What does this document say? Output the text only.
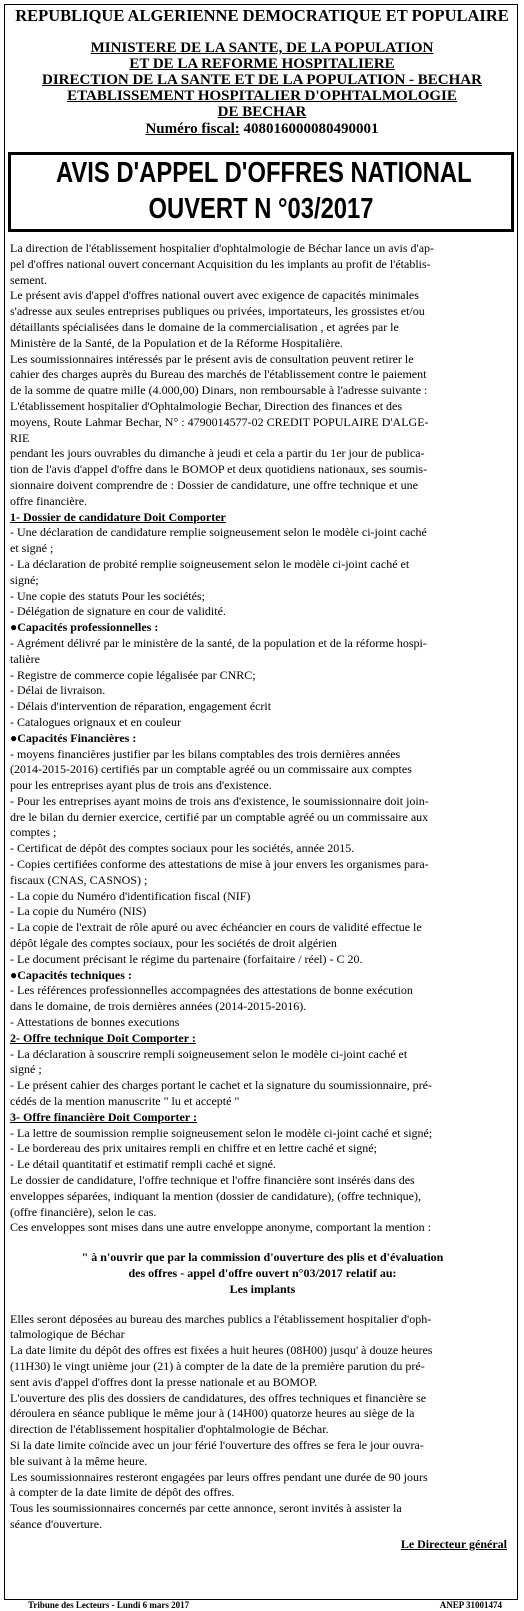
REPUBLIQUE ALGERIENNE DEMOCRATIQUE ET POPULAIRE
MINISTERE DE LA SANTE, DE LA POPULATION
ET DE LA REFORME HOSPITALIERE
DIRECTION DE LA SANTE ET DE LA POPULATION - BECHAR
ETABLISSEMENT HOSPITALIER D'OPHTALMOLOGIE
DE BECHAR
Numéro fiscal: 408016000080490001
AVIS D'APPEL D'OFFRES NATIONAL
OUVERT N °03/2017
La direction de l'établissement hospitalier d'ophtalmologie de Béchar lance un avis d'ap-
pel d'offres national ouvert concernant Acquisition du les implants au profit de l'établis-
sement.
Le présent avis d'appel d'offres national ouvert avec exigence de capacités minimales
s'adresse aux seules entreprises publiques ou privées, importateurs, les grossistes et/ou
détaillants spécialisées dans le domaine de la commercialisation , et agrées par le
Ministère de la Santé, de la Population et de la Réforme Hospitalière.
Les soumissionnaires intéressés par le présent avis de consultation peuvent retirer le
cahier des charges auprès du Bureau des marchés de l'établissement contre le paiement
de la somme de quatre mille (4.000,00) Dinars, non remboursable à l'adresse suivante :
L'établissement hospitalier d'Ophtalmologie Bechar, Direction des finances et des
moyens, Route Lahmar Bechar, N° : 4790014577-02 CREDIT POPULAIRE D'ALGE-
RIE
pendant les jours ouvrables du dimanche à jeudi et cela a partir du 1er jour de publica-
tion de l'avis d'appel d'offre dans le BOMOP et deux quotidiens nationaux, ses soumis-
sionnaire doivent comprendre de : Dossier de candidature, une offre technique et une
offre financière.
1- Dossier de candidature Doit Comporter
- Une déclaration de candidature remplie soigneusement selon le modèle ci-joint caché
et signé ;
- La déclaration de probité remplie soigneusement selon le modèle ci-joint caché et
signé;
- Une copie des statuts Pour les sociétés;
- Délégation de signature en cour de validité.
●Capacités professionnelles :
- Agrément délivré par le ministère de la santé, de la population et de la réforme hospi-
talière
- Registre de commerce copie légalisée par CNRC;
- Délai de livraison.
- Délais d'intervention de réparation, engagement écrit
- Catalogues orignaux et en couleur
●Capacités Financières :
- moyens financières justifier par les bilans comptables des trois dernières années
(2014-2015-2016) certifiés par un comptable agréé ou un commissaire aux comptes
pour les entreprises ayant plus de trois ans d'existence.
- Pour les entreprises ayant moins de trois ans d'existence, le soumissionnaire doit join-
dre le bilan du dernier exercice, certifié par un comptable agréé ou un commissaire aux
comptes ;
- Certificat de dépôt des comptes sociaux pour les sociétés, année 2015.
- Copies certifiées conforme des attestations de mise à jour envers les organismes para-
fiscaux (CNAS, CASNOS) ;
- La copie du Numéro d'identification fiscal (NIF)
- La copie du Numéro (NIS)
- La copie de l'extrait de rôle apuré ou avec échéancier en cours de validité effectue le
dépôt légale des comptes sociaux, pour les sociétés de droit algérien
- Le document précisant le régime du partenaire (forfaitaire / réel) - C 20.
●Capacités techniques :
- Les références professionnelles accompagnées des attestations de bonne exécution
dans le domaine, de trois dernières années (2014-2015-2016).
- Attestations de bonnes executions
2- Offre technique Doit Comporter :
- La déclaration à souscrire rempli soigneusement selon le modèle ci-joint caché et
signé ;
- Le présent cahier des charges portant le cachet et la signature du soumissionnaire, pré-
cédés de la mention manuscrite " lu et accepté "
3- Offre financière Doit Comporter :
- La lettre de soumission remplie soigneusement selon le modèle ci-joint caché et signé;
- Le bordereau des prix unitaires rempli en chiffre et en lettre caché et signé;
- Le détail quantitatif et estimatif rempli caché et signé.
Le dossier de candidature, l'offre technique et l'offre financière sont insérés dans des
enveloppes séparées, indiquant la mention (dossier de candidature), (offre technique),
(offre financière), selon le cas.
Ces enveloppes sont mises dans une autre enveloppe anonyme, comportant la mention :
" à n'ouvrir que par la commission d'ouverture des plis et d'évaluation
des offres - appel d'offre ouvert n°03/2017 relatif au:
Les implants
Elles seront déposées au bureau des marches publics a l'établissement hospitalier d'oph-
talmologique de Béchar
La date limite du dépôt des offres est fixées a huit heures (08H00) jusqu' à douze heures
(11H30) le vingt unième jour (21) à compter de la date de la première parution du pré-
sent avis d'appel d'offres dont la presse nationale et au BOMOP.
L'ouverture des plis des dossiers de candidatures, des offres techniques et financière se
déroulera en séance publique le même jour à (14H00) quatorze heures au siège de la
direction de l'établissement hospitalier d'ophtalmologie de Béchar.
Si la date limite coïncide avec un jour férié l'ouverture des offres se fera le jour ouvra-
ble suivant à la même heure.
Les soumissionnaires resteront engagées par leurs offres pendant une durée de 90 jours
à compter de la date limite de dépôt des offres.
Tous les soumissionnaires concernés par cette annonce, seront invités à assister la
séance d'ouverture.
Le Directeur général
Tribune des Lecteurs - Lundi 6 mars 2017	ANEP 31001474
